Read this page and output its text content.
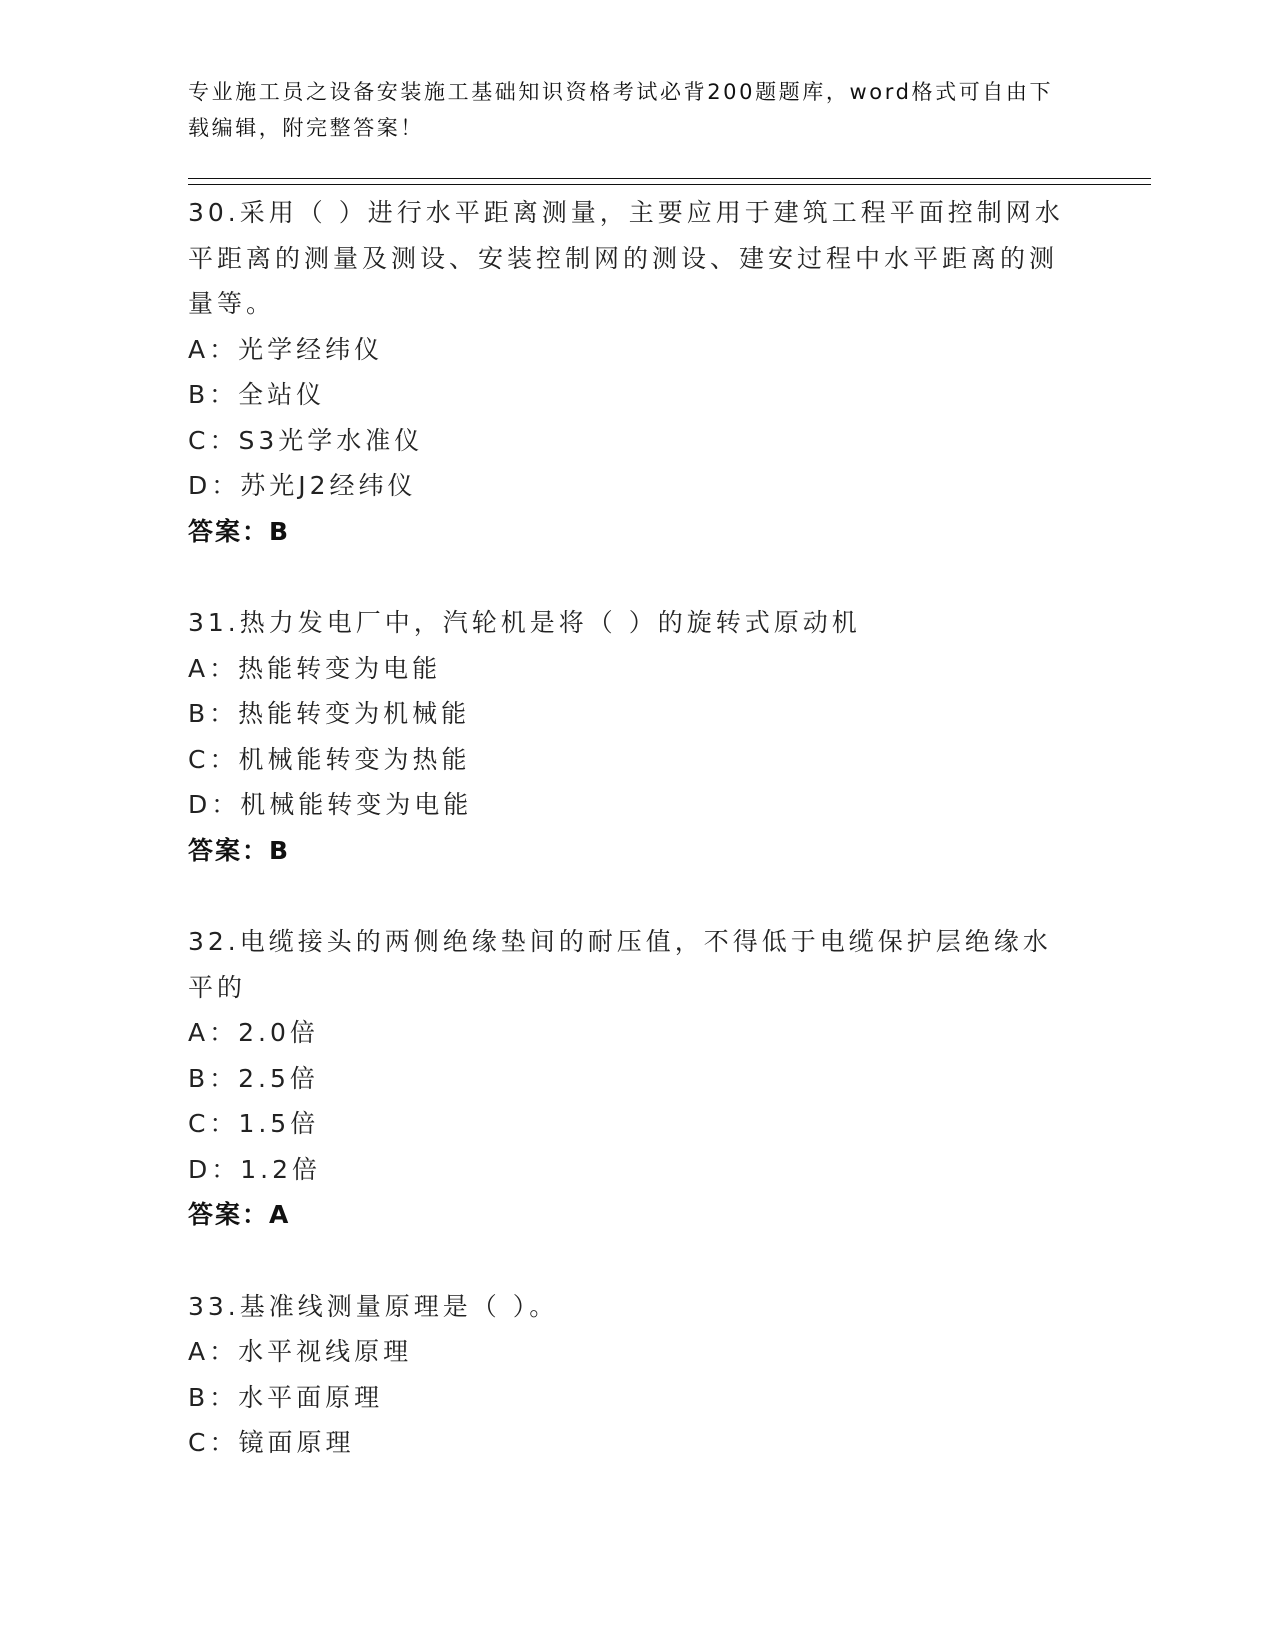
专业施工员之设备安装施工基础知识资格考试必背200题题库，word格式可自由下载编辑，附完整答案！

30.采用（ ）进行水平距离测量，主要应用于建筑工程平面控制网水平距离的测量及测设、安装控制网的测设、建安过程中水平距离的测量等。

A：光学经纬仪

B：全站仪

C：S3光学水准仪

D：苏光J2经纬仪

答案：B

31.热力发电厂中，汽轮机是将（ ）的旋转式原动机

A：热能转变为电能

B：热能转变为机械能

C：机械能转变为热能

D：机械能转变为电能

答案：B

32.电缆接头的两侧绝缘垫间的耐压值，不得低于电缆保护层绝缘水平的

A：2.0倍

B：2.5倍

C：1.5倍

D：1.2倍

答案：A

33.基准线测量原理是（ ）。

A：水平视线原理

B：水平面原理

C：镜面原理
